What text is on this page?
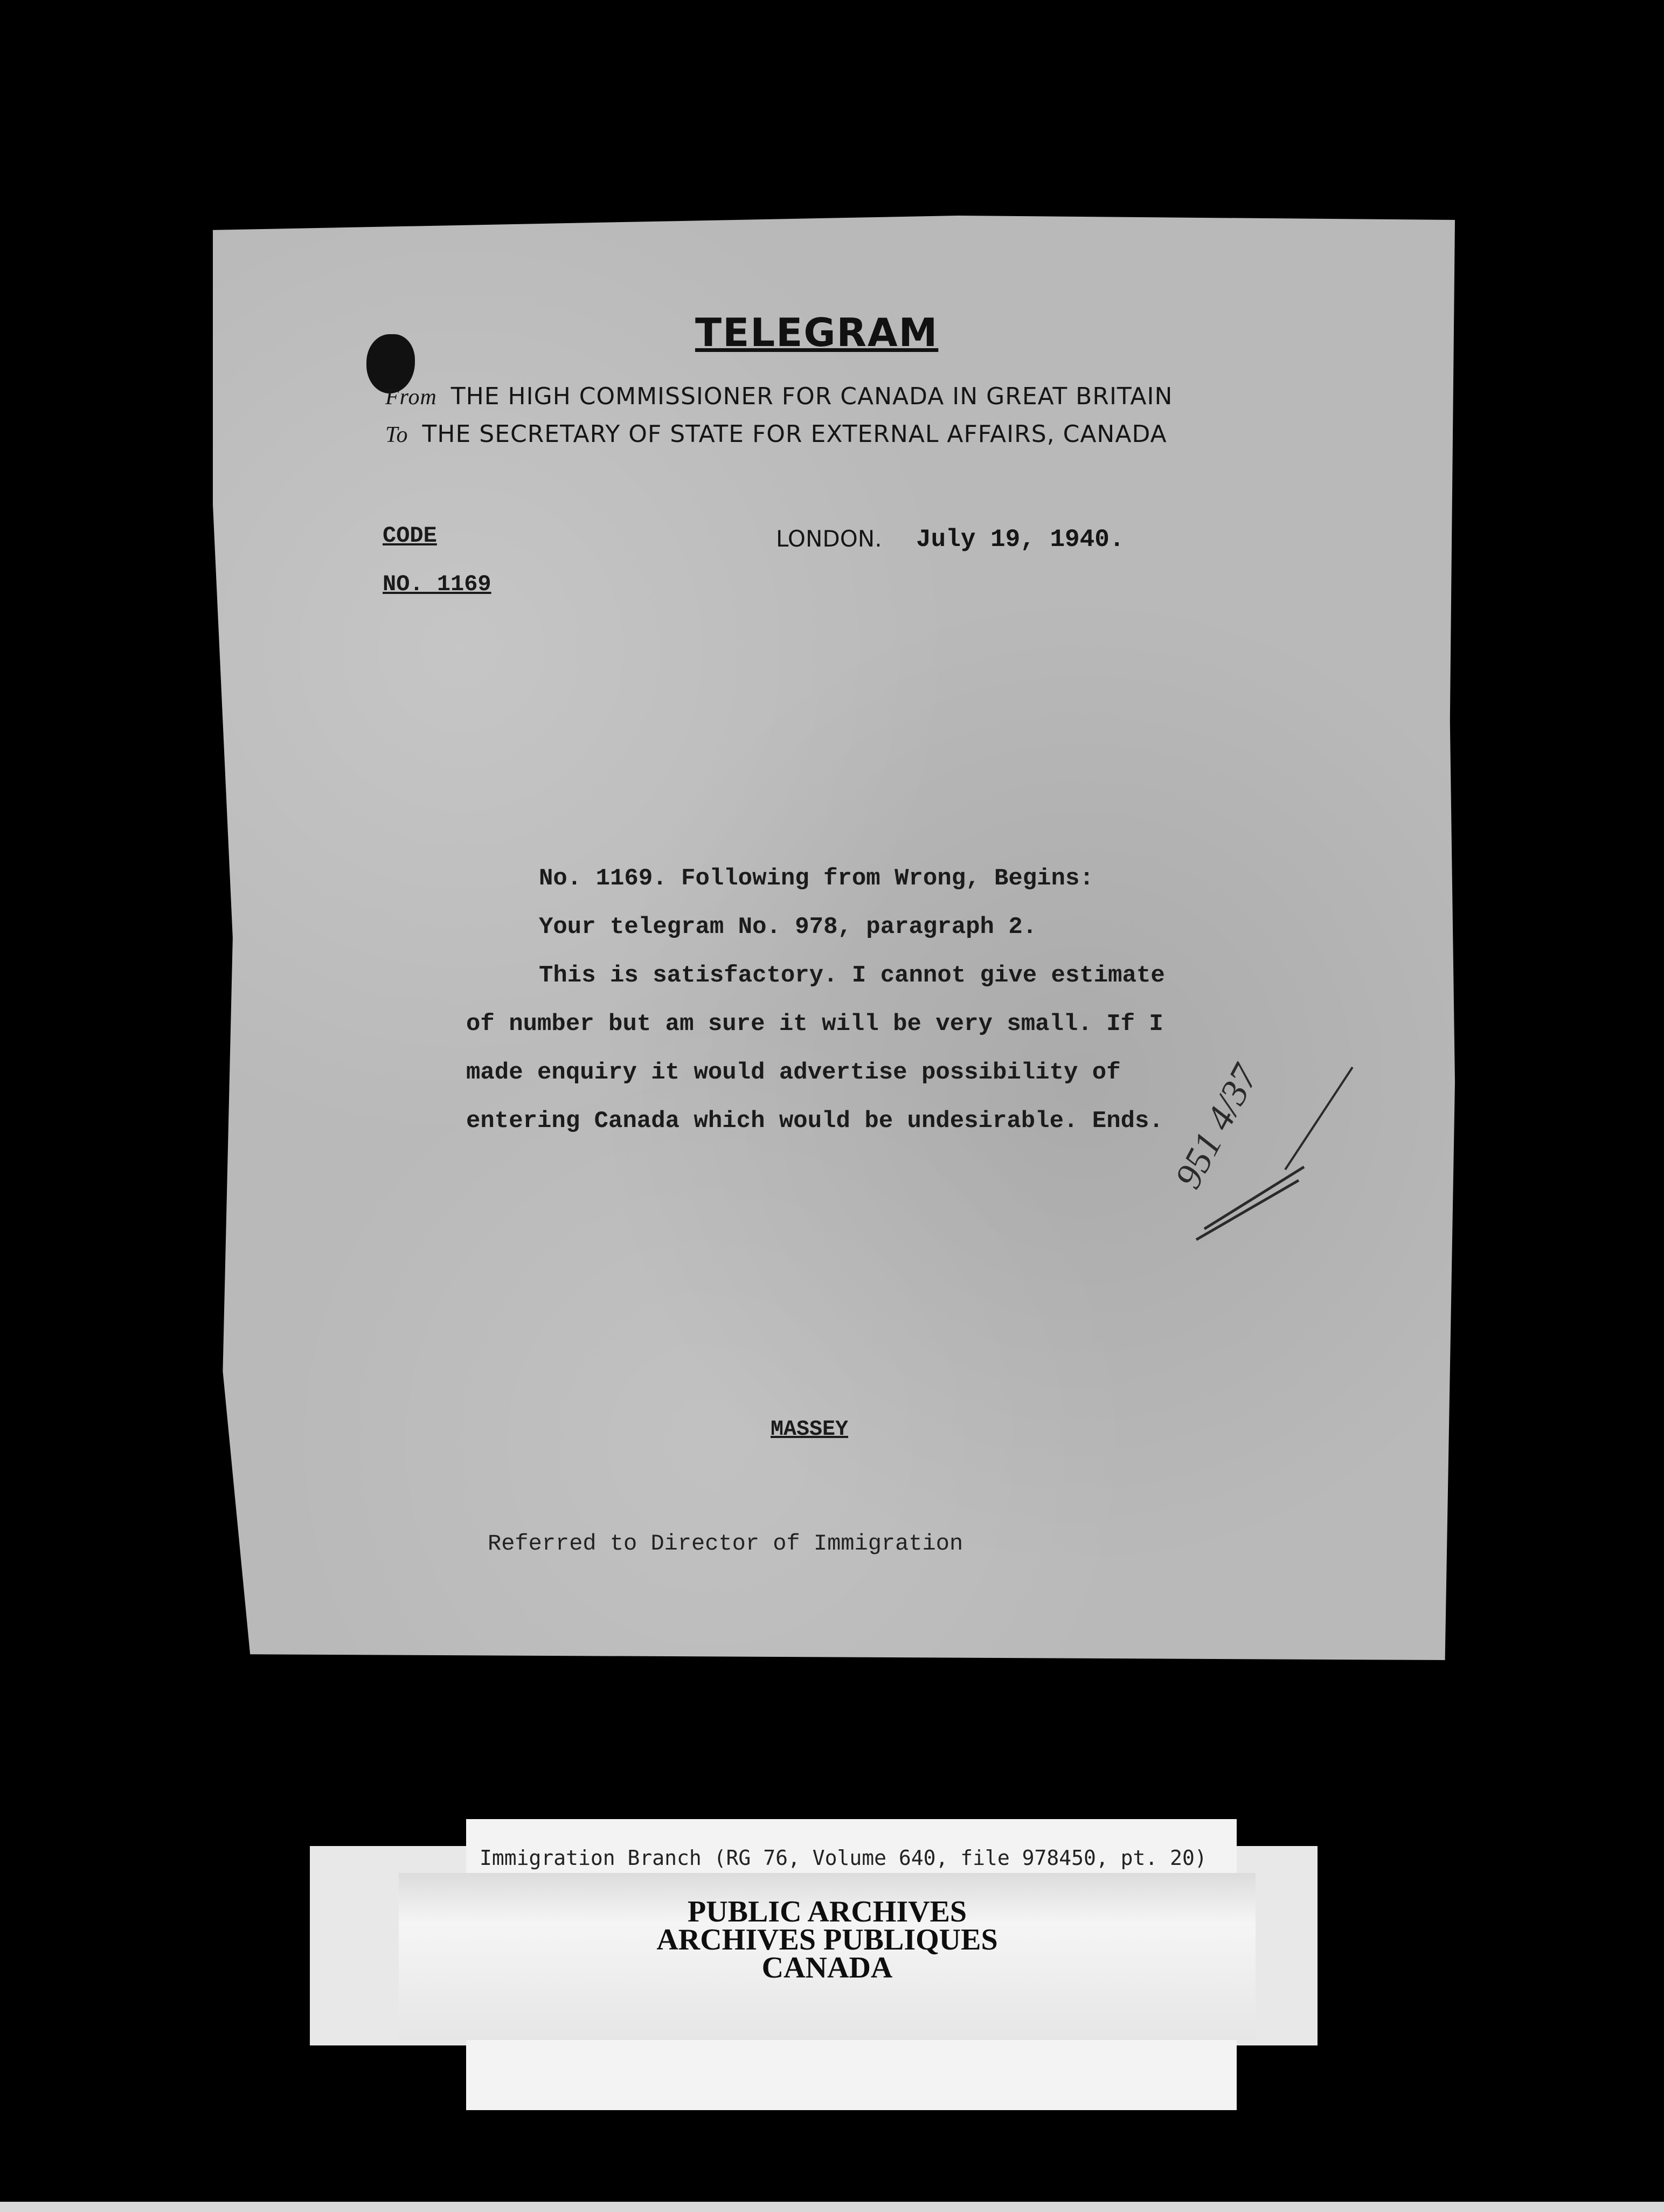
TELEGRAM
From THE HIGH COMMISSIONER FOR CANADA IN GREAT BRITAIN
To THE SECRETARY OF STATE FOR EXTERNAL AFFAIRS, CANADA
CODE
NO. 1169
LONDON. July 19, 1940.
No. 1169. Following from Wrong, Begins:
Your telegram No. 978, paragraph 2.
This is satisfactory. I cannot give estimate
of number but am sure it will be very small. If I
made enquiry it would advertise possibility of
entering Canada which would be undesirable. Ends. 951 4/37
MASSEY
Referred to Director of Immigration
Immigration Branch (RG 76, Volume 640, file 978450, pt. 20)
PUBLIC ARCHIVES
ARCHIVES PUBLIQUES
CANADA
